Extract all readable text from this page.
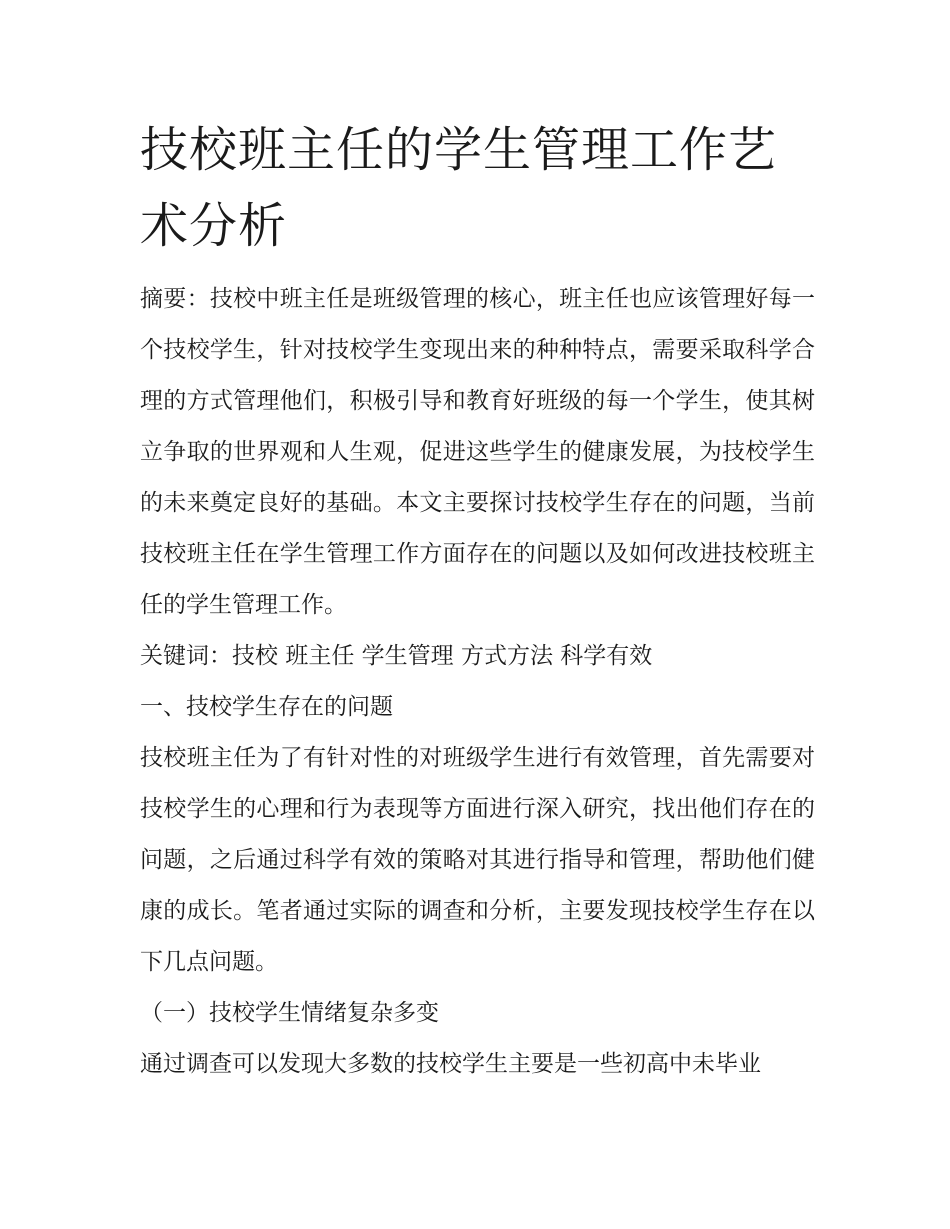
技校班主任的学生管理工作艺术分析

摘要：技校中班主任是班级管理的核心，班主任也应该管理好每一个技校学生，针对技校学生变现出来的种种特点，需要采取科学合理的方式管理他们，积极引导和教育好班级的每一个学生，使其树立争取的世界观和人生观，促进这些学生的健康发展，为技校学生的未来奠定良好的基础。本文主要探讨技校学生存在的问题，当前技校班主任在学生管理工作方面存在的问题以及如何改进技校班主任的学生管理工作。

关键词：技校 班主任 学生管理 方式方法 科学有效 一、技校学生存在的问题

技校班主任为了有针对性的对班级学生进行有效管理，首先需要对技校学生的心理和行为表现等方面进行深入研究，找出他们存在的问题，之后通过科学有效的策略对其进行指导和管理，帮助他们健康的成长。笔者通过实际的调查和分析，主要发现技校学生存在以下几点问题。

（一）技校学生情绪复杂多变

通过调查可以发现大多数的技校学生主要是一些初高中未毕业
